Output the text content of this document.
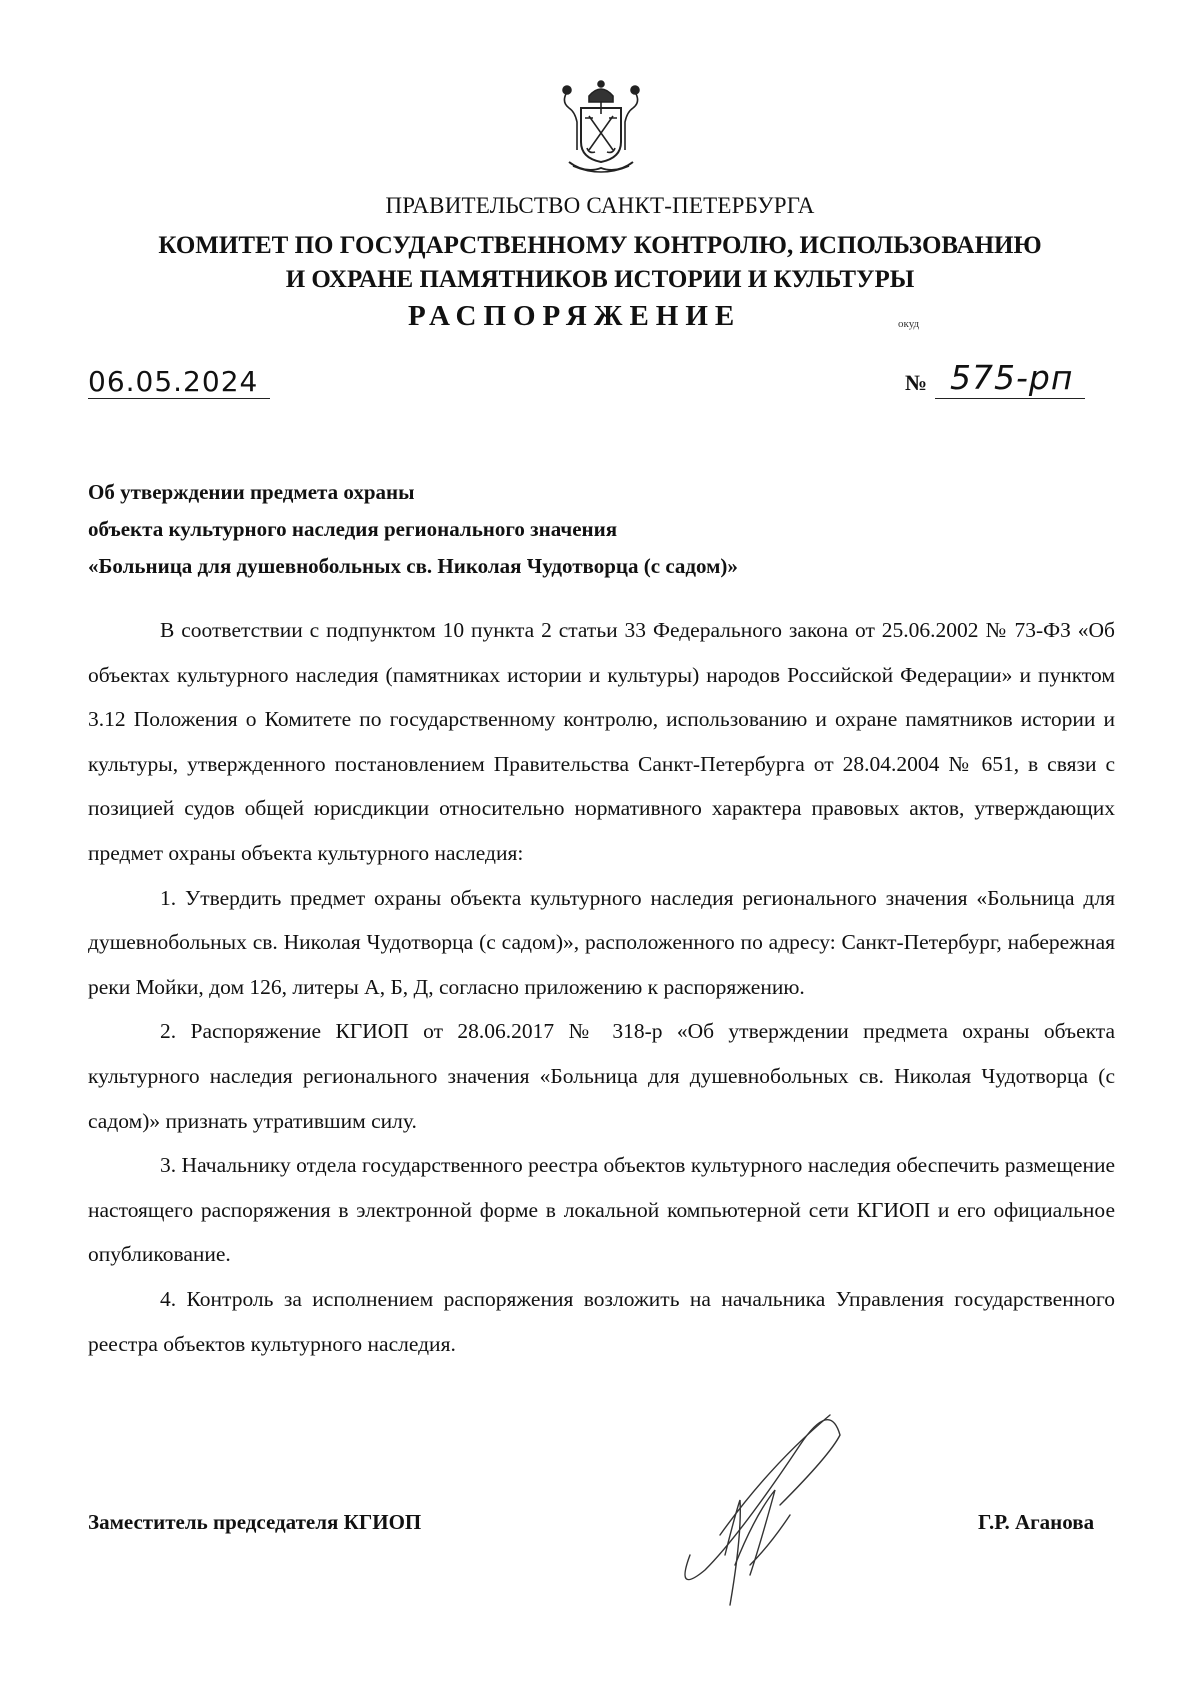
ПРАВИТЕЛЬСТВО САНКТ-ПЕТЕРБУРГА
КОМИТЕТ ПО ГОСУДАРСТВЕННОМУ КОНТРОЛЮ, ИСПОЛЬЗОВАНИЮ
И ОХРАНЕ ПАМЯТНИКОВ ИСТОРИИ И КУЛЬТУРЫ
РАСПОРЯЖЕНИЕ	окуд
06.05.2024	№ 575-рп
Об утверждении предмета охраны
объекта культурного наследия регионального значения
«Больница для душевнобольных св. Николая Чудотворца (с садом)»

В соответствии с подпунктом 10 пункта 2 статьи 33 Федерального закона от 25.06.2002 № 73-ФЗ «Об объектах культурного наследия (памятниках истории и культуры) народов Российской Федерации» и пунктом 3.12 Положения о Комитете по государственному контролю, использованию и охране памятников истории и культуры, утвержденного постановлением Правительства Санкт-Петербурга от 28.04.2004 № 651, в связи с позицией судов общей юрисдикции относительно нормативного характера правовых актов, утверждающих предмет охраны объекта культурного наследия:

1. Утвердить предмет охраны объекта культурного наследия регионального значения «Больница для душевнобольных св. Николая Чудотворца (с садом)», расположенного по адресу: Санкт-Петербург, набережная реки Мойки, дом 126, литеры А, Б, Д, согласно приложению к распоряжению.

2. Распоряжение КГИОП от 28.06.2017 № 318-р «Об утверждении предмета охраны объекта культурного наследия регионального значения «Больница для душевнобольных св. Николая Чудотворца (с садом)» признать утратившим силу.

3. Начальнику отдела государственного реестра объектов культурного наследия обеспечить размещение настоящего распоряжения в электронной форме в локальной компьютерной сети КГИОП и его официальное опубликование.

4. Контроль за исполнением распоряжения возложить на начальника Управления государственного реестра объектов культурного наследия.

Заместитель председателя КГИОП	Г.Р. Аганова
